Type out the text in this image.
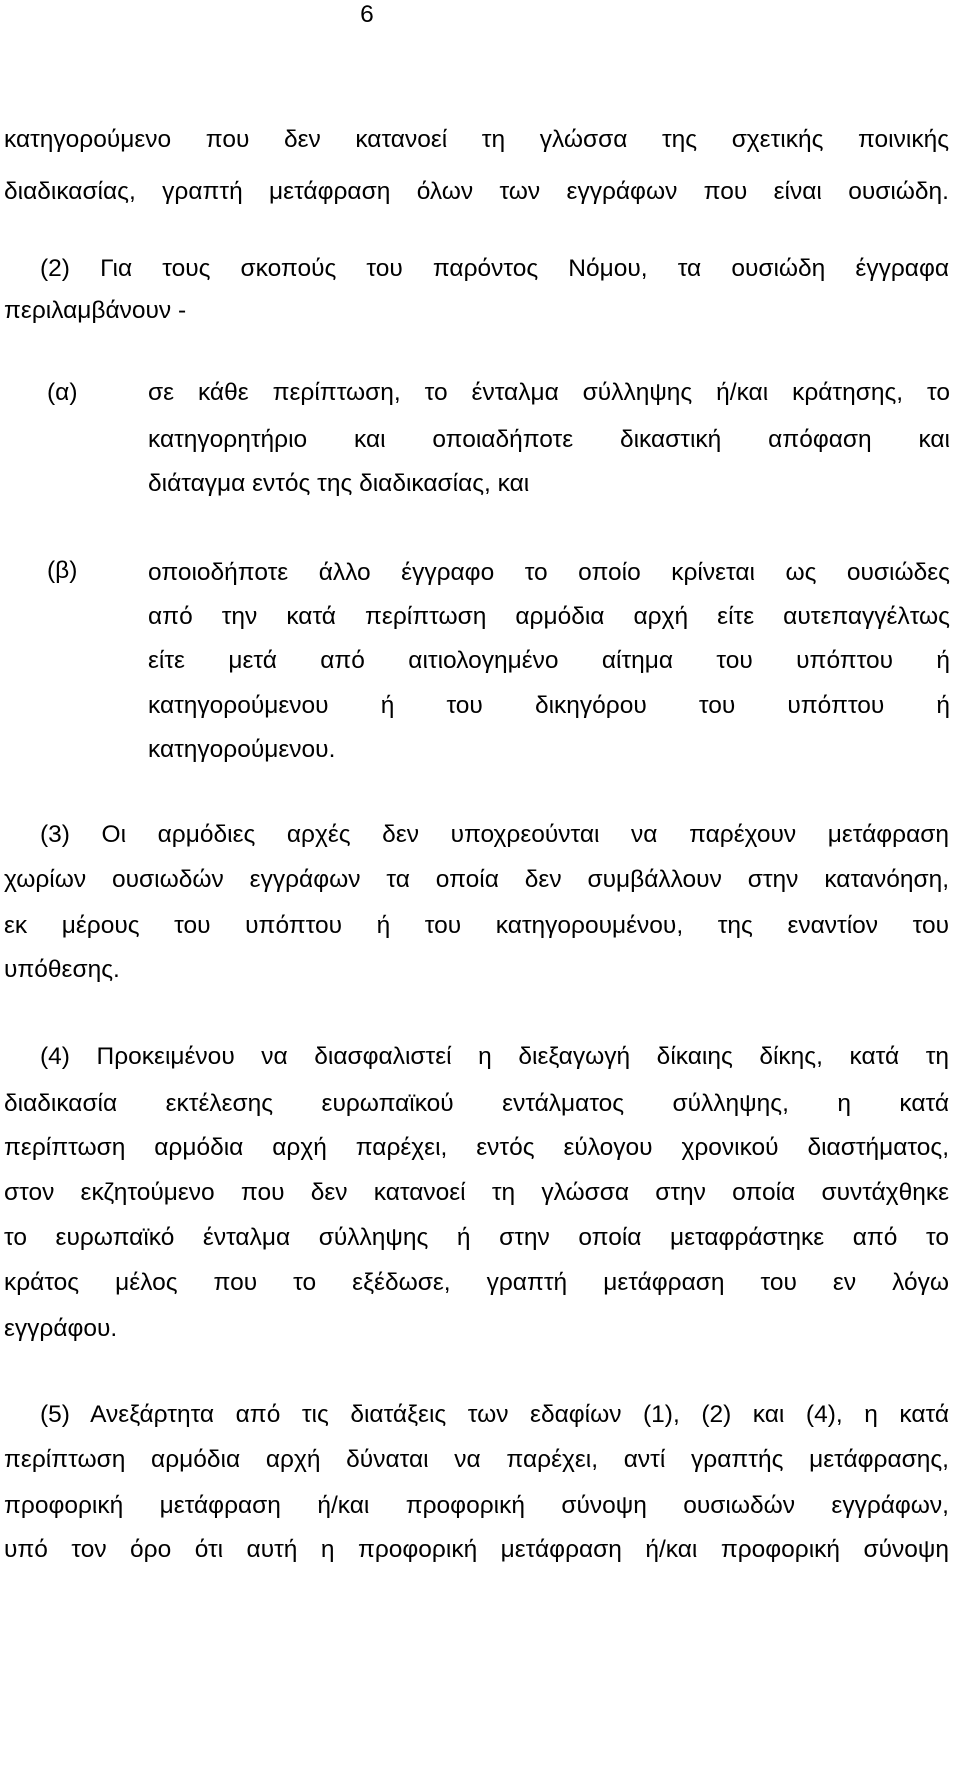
6
κατηγορούμενο που δεν κατανοεί τη γλώσσα της σχετικής ποινικής
διαδικασίας, γραπτή μετάφραση όλων των εγγράφων που είναι ουσιώδη.
(2) Για τους σκοπούς του παρόντος Νόμου, τα ουσιώδη έγγραφα
περιλαμβάνουν -
(α)	σε κάθε περίπτωση, το ένταλμα σύλληψης ή/και κράτησης, το
κατηγορητήριο και οποιαδήποτε δικαστική απόφαση και
διάταγμα εντός της διαδικασίας, και
(β)	οποιοδήποτε άλλο έγγραφο το οποίο κρίνεται ως ουσιώδες
από την κατά περίπτωση αρμόδια αρχή είτε αυτεπαγγέλτως
είτε μετά από αιτιολογημένο αίτημα του υπόπτου ή
κατηγορούμενου ή του δικηγόρου του υπόπτου ή
κατηγορούμενου.
(3) Οι αρμόδιες αρχές δεν υποχρεούνται να παρέχουν μετάφραση
χωρίων ουσιωδών εγγράφων τα οποία δεν συμβάλλουν στην κατανόηση,
εκ μέρους του υπόπτου ή του κατηγορουμένου, της εναντίον του
υπόθεσης.
(4) Προκειμένου να διασφαλιστεί η διεξαγωγή δίκαιης δίκης, κατά τη
διαδικασία εκτέλεσης ευρωπαϊκού εντάλματος σύλληψης, η κατά
περίπτωση αρμόδια αρχή παρέχει, εντός εύλογου χρονικού διαστήματος,
στον εκζητούμενο που δεν κατανοεί τη γλώσσα στην οποία συντάχθηκε
το ευρωπαϊκό ένταλμα σύλληψης ή στην οποία μεταφράστηκε από το
κράτος μέλος που το εξέδωσε, γραπτή μετάφραση του εν λόγω
εγγράφου.
(5) Ανεξάρτητα από τις διατάξεις των εδαφίων (1), (2) και (4), η κατά
περίπτωση αρμόδια αρχή δύναται να παρέχει, αντί γραπτής μετάφρασης,
προφορική μετάφραση ή/και προφορική σύνοψη ουσιωδών εγγράφων,
υπό τον όρο ότι αυτή η προφορική μετάφραση ή/και προφορική σύνοψη
